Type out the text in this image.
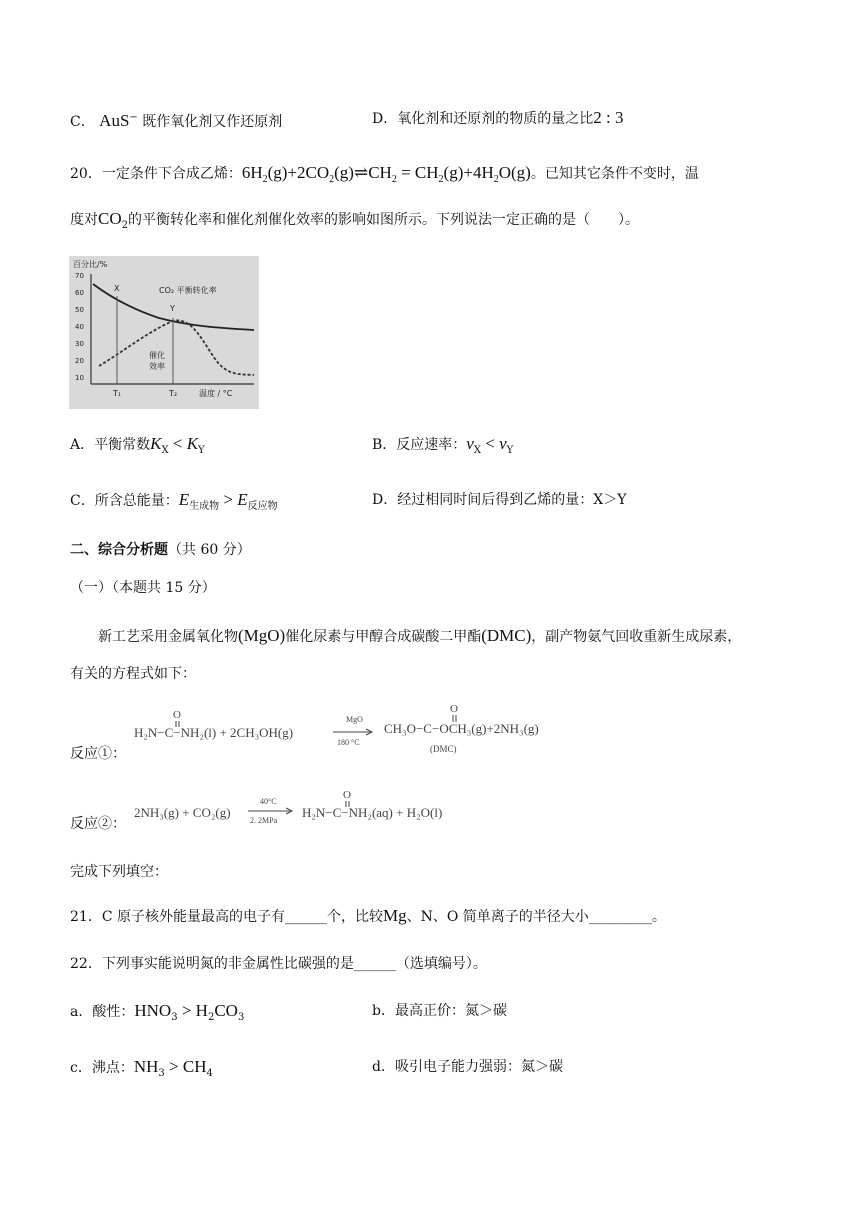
C． AuS− 既作氧化剂又作还原剂	D．氧化剂和还原剂的物质的量之比2 : 3
20．一定条件下合成乙烯：$6H_2(g)+2CO_2(g)\rightleftharpoons CH_2 = CH_2(g)+4H_2O(g)$。已知其它条件不变时，温
度对$CO_2$的平衡转化率和催化剂催化效率的影响如图所示。下列说法一定正确的是（　　）。
百分比/%
70
60
50
40
30
20
10
X
Y
CO₂ 平衡转化率
催化
效率
T₁	T₂	温度 / °C
A．平衡常数$K_X < K_Y$	B．反应速率：$v_X < v_Y$
C．所含总能量：$E_{生成物} > E_{反应物}$	D．经过相同时间后得到乙烯的量：X＞Y
二、综合分析题（共 60 分）
（一）（本题共 15 分）
新工艺采用金属氧化物(MgO)催化尿素与甲醇合成碳酸二甲酯(DMC)，副产物氨气回收重新生成尿素，
有关的方程式如下：
反应①：
O
H₂N−C−NH₂(l) + 2CH₃OH(g)
MgO
180 °C
O
CH₃O−C−OCH₃(g)+2NH₃(g)
(DMC)
反应②：
2NH₃(g) + CO₂(g)
40°C
2. 2MPa
O
H₂N−C−NH₂(aq) + H₂O(l)
完成下列填空：
21．C 原子核外能量最高的电子有______个，比较Mg、N、O 简单离子的半径大小_________。
22．下列事实能说明氮的非金属性比碳强的是______（选填编号）。
a．酸性：$HNO_3 > H_2CO_3$	b．最高正价：氮＞碳
c．沸点：$NH_3 > CH_4$	d．吸引电子能力强弱：氮＞碳
